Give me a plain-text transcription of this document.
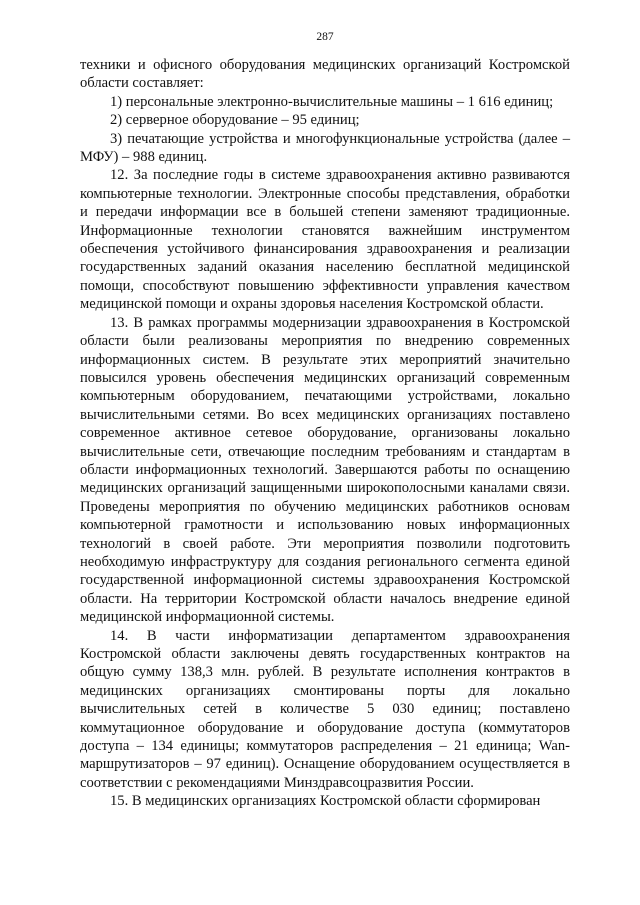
287

техники и офисного оборудования медицинских организаций Костромской области составляет:

1) персональные электронно-вычислительные машины – 1 616 единиц;

2) серверное оборудование – 95 единиц;

3) печатающие устройства и многофункциональные устройства (далее – МФУ) – 988 единиц.

12. За последние годы в системе здравоохранения активно развиваются компьютерные технологии. Электронные способы представления, обработки и передачи информации все в большей степени заменяют традиционные. Информационные технологии становятся важнейшим инструментом обеспечения устойчивого финансирования здравоохранения и реализации государственных заданий оказания населению бесплатной медицинской помощи, способствуют повышению эффективности управления качеством медицинской помощи и охраны здоровья населения Костромской области.

13. В рамках программы модернизации здравоохранения в Костромской области были реализованы мероприятия по внедрению современных информационных систем. В результате этих мероприятий значительно повысился уровень обеспечения медицинских организаций современным компьютерным оборудованием, печатающими устройствами, локально вычислительными сетями. Во всех медицинских организациях поставлено современное активное сетевое оборудование, организованы локально вычислительные сети, отвечающие последним требованиям и стандартам в области информационных технологий. Завершаются работы по оснащению медицинских организаций защищенными широкополосными каналами связи. Проведены мероприятия по обучению медицинских работников основам компьютерной грамотности и использованию новых информационных технологий в своей работе. Эти мероприятия позволили подготовить необходимую инфраструктуру для создания регионального сегмента единой государственной информационной системы здравоохранения Костромской области. На территории Костромской области началось внедрение единой медицинской информационной системы.

14. В части информатизации департаментом здравоохранения Костромской области заключены девять государственных контрактов на общую сумму 138,3 млн. рублей. В результате исполнения контрактов в медицинских организациях смонтированы порты для локально вычислительных сетей в количестве 5 030 единиц; поставлено коммутационное оборудование и оборудование доступа (коммутаторов доступа – 134 единицы; коммутаторов распределения – 21 единица; Wan-маршрутизаторов – 97 единиц). Оснащение оборудованием осуществляется в соответствии с рекомендациями Минздравсоцразвития России.

15. В медицинских организациях Костромской области сформирован
